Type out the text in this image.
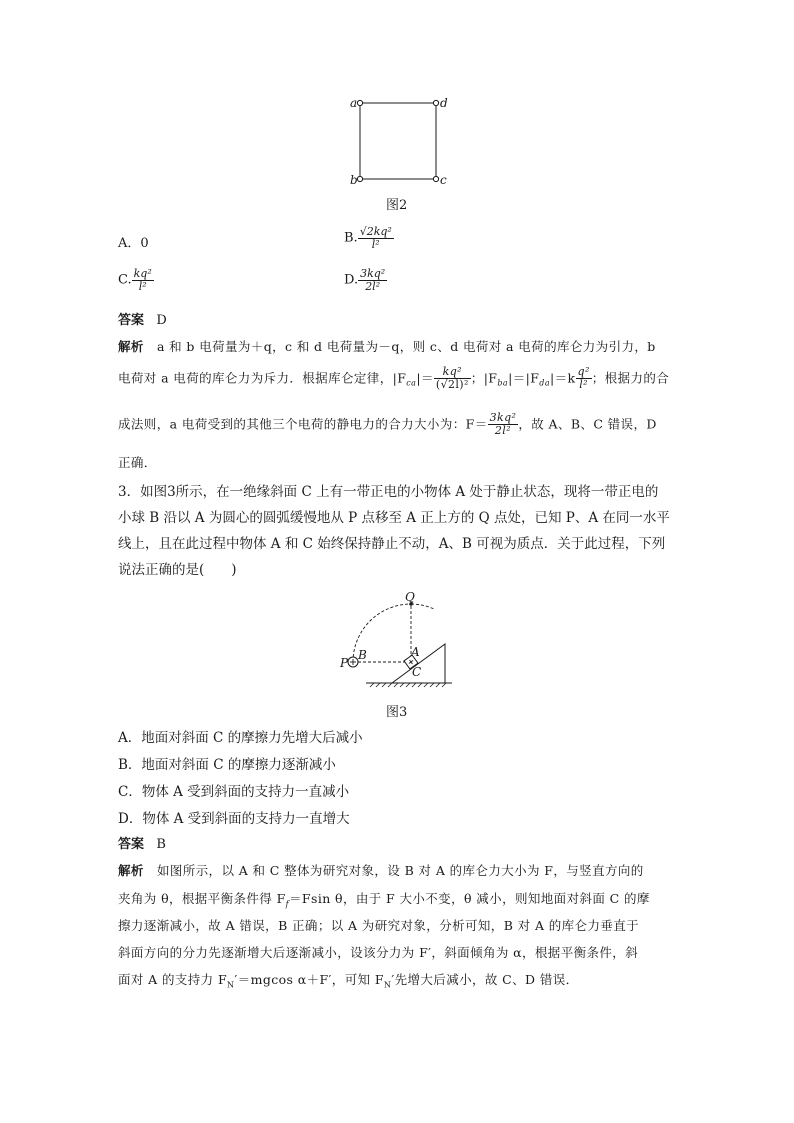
a	d
b	c
图2
A．0	B. $\frac{\text{√2kq²}}{\text{l²}}$
C. $\frac{\text{kq²}}{\text{l²}}$	D. $\frac{\text{3kq²}}{\text{2l²}}$
答案 D
解析 a 和 b 电荷量为＋q，c 和 d 电荷量为－q，则 c、d 电荷对 a 电荷的库仑力为引力，b
电荷对 a 电荷的库仑力为斥力．根据库仑定律，$|F_{ca}|= \frac{\text{kq²}}{\text{(√2l)²}}$ ；$|F_{ba}|=|F_{da}|=k \frac{\text{q²}}{\text{l²}}$ ；根据力的合
成法则，a 电荷受到的其他三个电荷的静电力的合力大小为：$F= \frac{\text{3kq²}}{\text{2l²}}$ ，故 A、B、C 错误，D
正确．
3．如图3所示，在一绝缘斜面 C 上有一带正电的小物体 A 处于静止状态，现将一带正电的
小球 B 沿以 A 为圆心的圆弧缓慢地从 P 点移至 A 正上方的 Q 点处，已知 P、A 在同一水平
线上，且在此过程中物体 A 和 C 始终保持静止不动，A、B 可视为质点．关于此过程，下列
说法正确的是(　　)
Q
P
B	A
C
图3
A．地面对斜面 C 的摩擦力先增大后减小
B．地面对斜面 C 的摩擦力逐渐减小
C．物体 A 受到斜面的支持力一直减小
D．物体 A 受到斜面的支持力一直增大
答案 B
解析 如图所示，以 A 和 C 整体为研究对象，设 B 对 A 的库仑力大小为 F，与竖直方向的
夹角为 θ，根据平衡条件得 $F_f=Fsin$ θ，由于 F 大小不变，θ 减小，则知地面对斜面 C 的摩
擦力逐渐减小，故 A 错误，B 正确；以 A 为研究对象，分析可知，B 对 A 的库仑力垂直于
斜面方向的分力先逐渐增大后逐渐减小，设该分力为 F′，斜面倾角为 α，根据平衡条件，斜
面对 A 的支持力 $F_N'=mgcos$ α＋F′，可知 $F_N'$先增大后减小，故 C、D 错误．
